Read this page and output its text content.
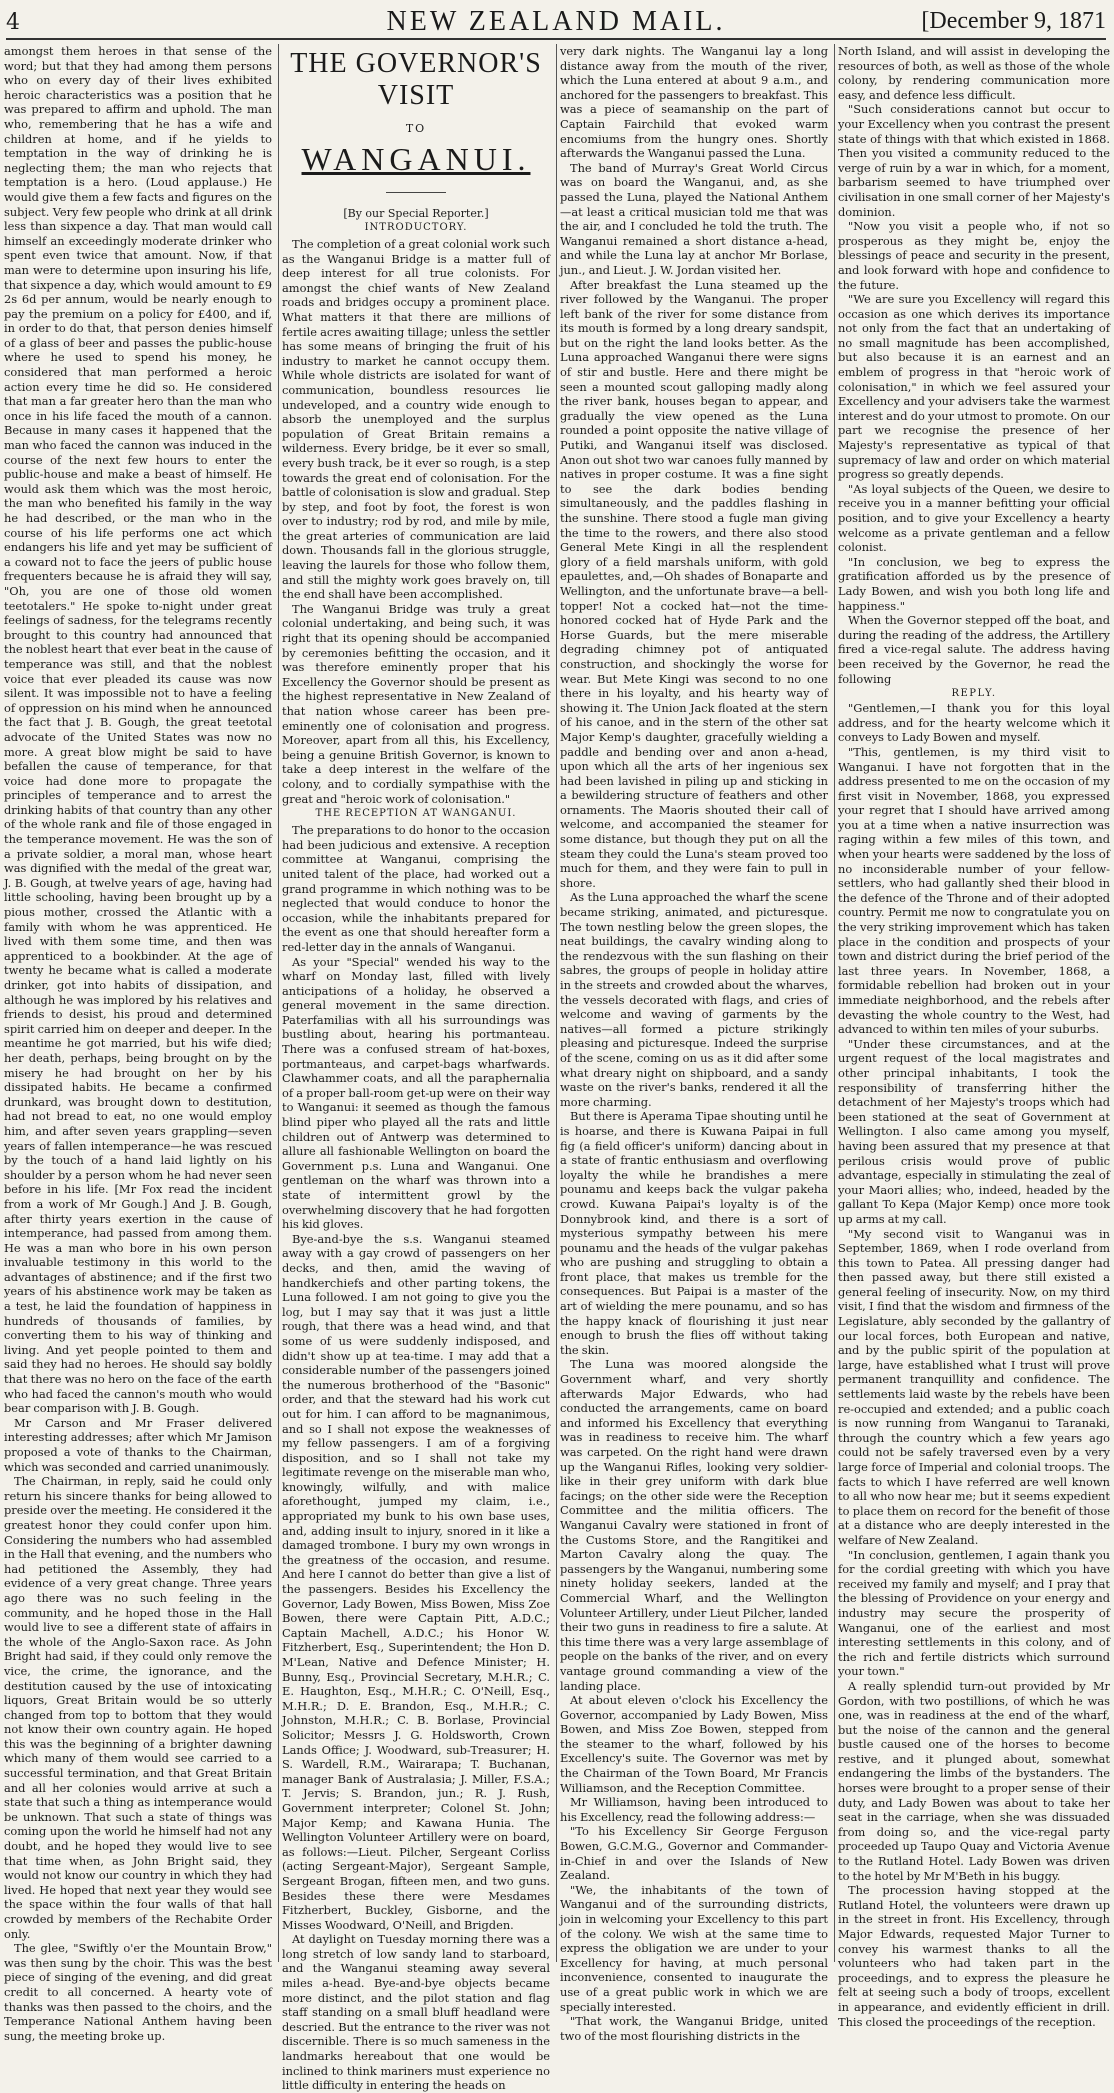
4	NEW ZEALAND MAIL.	[December 9, 1871

amongst them heroes in that sense of the word; but that they had among them persons who on every day of their lives exhibited heroic characteristics was a position that he was prepared to affirm and uphold. The man who, remembering that he has a wife and children at home, and if he yields to temptation in the way of drinking he is neglecting them; the man who rejects that temptation is a hero. (Loud applause.) He would give them a few facts and figures on the subject. Very few people who drink at all drink less than sixpence a day. That man would call himself an exceedingly moderate drinker who spent even twice that amount. Now, if that man were to determine upon insuring his life, that sixpence a day, which would amount to £9 2s 6d per annum, would be nearly enough to pay the premium on a policy for £400, and if, in order to do that, that person denies himself of a glass of beer and passes the public-house where he used to spend his money, he considered that man performed a heroic action every time he did so. He considered that man a far greater hero than the man who once in his life faced the mouth of a cannon. Because in many cases it happened that the man who faced the cannon was induced in the course of the next few hours to enter the public-house and make a beast of himself. He would ask them which was the most heroic, the man who benefited his family in the way he had described, or the man who in the course of his life performs one act which endangers his life and yet may be sufficient of a coward not to face the jeers of public house frequenters because he is afraid they will say, "Oh, you are one of those old women teetotalers." He spoke to-night under great feelings of sadness, for the telegrams recently brought to this country had announced that the noblest heart that ever beat in the cause of temperance was still, and that the noblest voice that ever pleaded its cause was now silent. It was impossible not to have a feeling of oppression on his mind when he announced the fact that J. B. Gough, the great teetotal advocate of the United States was now no more. A great blow might be said to have befallen the cause of temperance, for that voice had done more to propagate the principles of temperance and to arrest the drinking habits of that country than any other of the whole rank and file of those engaged in the temperance movement. He was the son of a private soldier, a moral man, whose heart was dignified with the medal of the great war, J. B. Gough, at twelve years of age, having had little schooling, having been brought up by a pious mother, crossed the Atlantic with a family with whom he was apprenticed. He lived with them some time, and then was apprenticed to a bookbinder. At the age of twenty he became what is called a moderate drinker, got into habits of dissipation, and although he was implored by his relatives and friends to desist, his proud and determined spirit carried him on deeper and deeper. In the meantime he got married, but his wife died; her death, perhaps, being brought on by the misery he had brought on her by his dissipated habits. He became a confirmed drunkard, was brought down to destitution, had not bread to eat, no one would employ him, and after seven years grappling—seven years of fallen intemperance—he was rescued by the touch of a hand laid lightly on his shoulder by a person whom he had never seen before in his life. [Mr Fox read the incident from a work of Mr Gough.] And J. B. Gough, after thirty years exertion in the cause of intemperance, had passed from among them. He was a man who bore in his own person invaluable testimony in this world to the advantages of abstinence; and if the first two years of his abstinence work may be taken as a test, he laid the foundation of happiness in hundreds of thousands of families, by converting them to his way of thinking and living. And yet people pointed to them and said they had no heroes. He should say boldly that there was no hero on the face of the earth who had faced the cannon's mouth who would bear comparison with J. B. Gough.

Mr Carson and Mr Fraser delivered interesting addresses; after which Mr Jamison proposed a vote of thanks to the Chairman, which was seconded and carried unanimously.

The Chairman, in reply, said he could only return his sincere thanks for being allowed to preside over the meeting. He considered it the greatest honor they could confer upon him. Considering the numbers who had assembled in the Hall that evening, and the numbers who had petitioned the Assembly, they had evidence of a very great change. Three years ago there was no such feeling in the community, and he hoped those in the Hall would live to see a different state of affairs in the whole of the Anglo-Saxon race. As John Bright had said, if they could only remove the vice, the crime, the ignorance, and the destitution caused by the use of intoxicating liquors, Great Britain would be so utterly changed from top to bottom that they would not know their own country again. He hoped this was the beginning of a brighter dawning which many of them would see carried to a successful termination, and that Great Britain and all her colonies would arrive at such a state that such a thing as intemperance would be unknown. That such a state of things was coming upon the world he himself had not any doubt, and he hoped they would live to see that time when, as John Bright said, they would not know our country in which they had lived. He hoped that next year they would see the space within the four walls of that hall crowded by members of the Rechabite Order only.

The glee, "Swiftly o'er the Mountain Brow," was then sung by the choir. This was the best piece of singing of the evening, and did great credit to all concerned. A hearty vote of thanks was then passed to the choirs, and the Temperance National Anthem having been sung, the meeting broke up.

THE GOVERNOR'S VISIT
TO
WANGANUI.
[By our Special Reporter.]
INTRODUCTORY.

The completion of a great colonial work such as the Wanganui Bridge is a matter full of deep interest for all true colonists. For amongst the chief wants of New Zealand roads and bridges occupy a prominent place. What matters it that there are millions of fertile acres awaiting tillage; unless the settler has some means of bringing the fruit of his industry to market he cannot occupy them. While whole districts are isolated for want of communication, boundless resources lie undeveloped, and a country wide enough to absorb the unemployed and the surplus population of Great Britain remains a wilderness. Every bridge, be it ever so small, every bush track, be it ever so rough, is a step towards the great end of colonisation. For the battle of colonisation is slow and gradual. Step by step, and foot by foot, the forest is won over to industry; rod by rod, and mile by mile, the great arteries of communication are laid down. Thousands fall in the glorious struggle, leaving the laurels for those who follow them, and still the mighty work goes bravely on, till the end shall have been accomplished.

The Wanganui Bridge was truly a great colonial undertaking, and being such, it was right that its opening should be accompanied by ceremonies befitting the occasion, and it was therefore eminently proper that his Excellency the Governor should be present as the highest representative in New Zealand of that nation whose career has been pre-eminently one of colonisation and progress. Moreover, apart from all this, his Excellency, being a genuine British Governor, is known to take a deep interest in the welfare of the colony, and to cordially sympathise with the great and "heroic work of colonisation."

THE RECEPTION AT WANGANUI.

The preparations to do honor to the occasion had been judicious and extensive. A reception committee at Wanganui, comprising the united talent of the place, had worked out a grand programme in which nothing was to be neglected that would conduce to honor the occasion, while the inhabitants prepared for the event as one that should hereafter form a red-letter day in the annals of Wanganui.

As your "Special" wended his way to the wharf on Monday last, filled with lively anticipations of a holiday, he observed a general movement in the same direction. Paterfamilias with all his surroundings was bustling about, hearing his portmanteau. There was a confused stream of hat-boxes, portmanteaus, and carpet-bags wharfwards. Clawhammer coats, and all the paraphernalia of a proper ball-room get-up were on their way to Wanganui: it seemed as though the famous blind piper who played all the rats and little children out of Antwerp was determined to allure all fashionable Wellington on board the Government p.s. Luna and Wanganui. One gentleman on the wharf was thrown into a state of intermittent growl by the overwhelming discovery that he had forgotten his kid gloves.

Bye-and-bye the s.s. Wanganui steamed away with a gay crowd of passengers on her decks, and then, amid the waving of handkerchiefs and other parting tokens, the Luna followed. I am not going to give you the log, but I may say that it was just a little rough, that there was a head wind, and that some of us were suddenly indisposed, and didn't show up at tea-time. I may add that a considerable number of the passengers joined the numerous brotherhood of the "Basonic" order, and that the steward had his work cut out for him. I can afford to be magnanimous, and so I shall not expose the weaknesses of my fellow passengers. I am of a forgiving disposition, and so I shall not take my legitimate revenge on the miserable man who, knowingly, wilfully, and with malice aforethought, jumped my claim, i.e., appropriated my bunk to his own base uses, and, adding insult to injury, snored in it like a damaged trombone. I bury my own wrongs in the greatness of the occasion, and resume. And here I cannot do better than give a list of the passengers. Besides his Excellency the Governor, Lady Bowen, Miss Bowen, Miss Zoe Bowen, there were Captain Pitt, A.D.C.; Captain Machell, A.D.C.; his Honor W. Fitzherbert, Esq., Superintendent; the Hon D. M'Lean, Native and Defence Minister; H. Bunny, Esq., Provincial Secretary, M.H.R.; C. E. Haughton, Esq., M.H.R.; C. O'Neill, Esq., M.H.R.; D. E. Brandon, Esq., M.H.R.; C. Johnston, M.H.R.; C. B. Borlase, Provincial Solicitor; Messrs J. G. Holdsworth, Crown Lands Office; J. Woodward, sub-Treasurer; H. S. Wardell, R.M., Wairarapa; T. Buchanan, manager Bank of Australasia; J. Miller, F.S.A.; T. Jervis; S. Brandon, jun.; R. J. Rush, Government interpreter; Colonel St. John; Major Kemp; and Kawana Hunia. The Wellington Volunteer Artillery were on board, as follows:—Lieut. Pilcher, Sergeant Corliss (acting Sergeant-Major), Sergeant Sample, Sergeant Brogan, fifteen men, and two guns. Besides these there were Mesdames Fitzherbert, Buckley, Gisborne, and the Misses Woodward, O'Neill, and Brigden.

At daylight on Tuesday morning there was a long stretch of low sandy land to starboard, and the Wanganui steaming away several miles a-head. Bye-and-bye objects became more distinct, and the pilot station and flag staff standing on a small bluff headland were descried. But the entrance to the river was not discernible. There is so much sameness in the landmarks hereabout that one would be inclined to think mariners must experience no little difficulty in entering the heads on

very dark nights. The Wanganui lay a long distance away from the mouth of the river, which the Luna entered at about 9 a.m., and anchored for the passengers to breakfast. This was a piece of seamanship on the part of Captain Fairchild that evoked warm encomiums from the hungry ones. Shortly afterwards the Wanganui passed the Luna.

The band of Murray's Great World Circus was on board the Wanganui, and, as she passed the Luna, played the National Anthem—at least a critical musician told me that was the air, and I concluded he told the truth. The Wanganui remained a short distance a-head, and while the Luna lay at anchor Mr Borlase, jun., and Lieut. J. W. Jordan visited her.

After breakfast the Luna steamed up the river followed by the Wanganui. The proper left bank of the river for some distance from its mouth is formed by a long dreary sandspit, but on the right the land looks better. As the Luna approached Wanganui there were signs of stir and bustle. Here and there might be seen a mounted scout galloping madly along the river bank, houses began to appear, and gradually the view opened as the Luna rounded a point opposite the native village of Putiki, and Wanganui itself was disclosed. Anon out shot two war canoes fully manned by natives in proper costume. It was a fine sight to see the dark bodies bending simultaneously, and the paddles flashing in the sunshine. There stood a fugle man giving the time to the rowers, and there also stood General Mete Kingi in all the resplendent glory of a field marshals uniform, with gold epaulettes, and,—Oh shades of Bonaparte and Wellington, and the unfortunate brave—a bell-topper! Not a cocked hat—not the time-honored cocked hat of Hyde Park and the Horse Guards, but the mere miserable degrading chimney pot of antiquated construction, and shockingly the worse for wear. But Mete Kingi was second to no one there in his loyalty, and his hearty way of showing it. The Union Jack floated at the stern of his canoe, and in the stern of the other sat Major Kemp's daughter, gracefully wielding a paddle and bending over and anon a-head, upon which all the arts of her ingenious sex had been lavished in piling up and sticking in a bewildering structure of feathers and other ornaments. The Maoris shouted their call of welcome, and accompanied the steamer for some distance, but though they put on all the steam they could the Luna's steam proved too much for them, and they were fain to pull in shore.

As the Luna approached the wharf the scene became striking, animated, and picturesque. The town nestling below the green slopes, the neat buildings, the cavalry winding along to the rendezvous with the sun flashing on their sabres, the groups of people in holiday attire in the streets and crowded about the wharves, the vessels decorated with flags, and cries of welcome and waving of garments by the natives—all formed a picture strikingly pleasing and picturesque. Indeed the surprise of the scene, coming on us as it did after some what dreary night on shipboard, and a sandy waste on the river's banks, rendered it all the more charming.

But there is Aperama Tipae shouting until he is hoarse, and there is Kuwana Paipai in full fig (a field officer's uniform) dancing about in a state of frantic enthusiasm and overflowing loyalty the while he brandishes a mere pounamu and keeps back the vulgar pakeha crowd. Kuwana Paipai's loyalty is of the Donnybrook kind, and there is a sort of mysterious sympathy between his mere pounamu and the heads of the vulgar pakehas who are pushing and struggling to obtain a front place, that makes us tremble for the consequences. But Paipai is a master of the art of wielding the mere pounamu, and so has the happy knack of flourishing it just near enough to brush the flies off without taking the skin.

The Luna was moored alongside the Government wharf, and very shortly afterwards Major Edwards, who had conducted the arrangements, came on board and informed his Excellency that everything was in readiness to receive him. The wharf was carpeted. On the right hand were drawn up the Wanganui Rifles, looking very soldier-like in their grey uniform with dark blue facings; on the other side were the Reception Committee and the militia officers. The Wanganui Cavalry were stationed in front of the Customs Store, and the Rangitikei and Marton Cavalry along the quay. The passengers by the Wanganui, numbering some ninety holiday seekers, landed at the Commercial Wharf, and the Wellington Volunteer Artillery, under Lieut Pilcher, landed their two guns in readiness to fire a salute. At this time there was a very large assemblage of people on the banks of the river, and on every vantage ground commanding a view of the landing place.

At about eleven o'clock his Excellency the Governor, accompanied by Lady Bowen, Miss Bowen, and Miss Zoe Bowen, stepped from the steamer to the wharf, followed by his Excellency's suite. The Governor was met by the Chairman of the Town Board, Mr Francis Williamson, and the Reception Committee.

Mr Williamson, having been introduced to his Excellency, read the following address:—

"To his Excellency Sir George Ferguson Bowen, G.C.M.G., Governor and Commander-in-Chief in and over the Islands of New Zealand.

"We, the inhabitants of the town of Wanganui and of the surrounding districts, join in welcoming your Excellency to this part of the colony. We wish at the same time to express the obligation we are under to your Excellency for having, at much personal inconvenience, consented to inaugurate the use of a great public work in which we are specially interested.

"That work, the Wanganui Bridge, united two of the most flourishing districts in the

North Island, and will assist in developing the resources of both, as well as those of the whole colony, by rendering communication more easy, and defence less difficult.

"Such considerations cannot but occur to your Excellency when you contrast the present state of things with that which existed in 1868. Then you visited a community reduced to the verge of ruin by a war in which, for a moment, barbarism seemed to have triumphed over civilisation in one small corner of her Majesty's dominion.

"Now you visit a people who, if not so prosperous as they might be, enjoy the blessings of peace and security in the present, and look forward with hope and confidence to the future.

"We are sure you Excellency will regard this occasion as one which derives its importance not only from the fact that an undertaking of no small magnitude has been accomplished, but also because it is an earnest and an emblem of progress in that "heroic work of colonisation," in which we feel assured your Excellency and your advisers take the warmest interest and do your utmost to promote. On our part we recognise the presence of her Majesty's representative as typical of that supremacy of law and order on which material progress so greatly depends.

"As loyal subjects of the Queen, we desire to receive you in a manner befitting your official position, and to give your Excellency a hearty welcome as a private gentleman and a fellow colonist.

"In conclusion, we beg to express the gratification afforded us by the presence of Lady Bowen, and wish you both long life and happiness."

When the Governor stepped off the boat, and during the reading of the address, the Artillery fired a vice-regal salute. The address having been received by the Governor, he read the following

REPLY.

"Gentlemen,—I thank you for this loyal address, and for the hearty welcome which it conveys to Lady Bowen and myself.

"This, gentlemen, is my third visit to Wanganui. I have not forgotten that in the address presented to me on the occasion of my first visit in November, 1868, you expressed your regret that I should have arrived among you at a time when a native insurrection was raging within a few miles of this town, and when your hearts were saddened by the loss of no inconsiderable number of your fellow-settlers, who had gallantly shed their blood in the defence of the Throne and of their adopted country. Permit me now to congratulate you on the very striking improvement which has taken place in the condition and prospects of your town and district during the brief period of the last three years. In November, 1868, a formidable rebellion had broken out in your immediate neighborhood, and the rebels after devasting the whole country to the West, had advanced to within ten miles of your suburbs.

"Under these circumstances, and at the urgent request of the local magistrates and other principal inhabitants, I took the responsibility of transferring hither the detachment of her Majesty's troops which had been stationed at the seat of Government at Wellington. I also came among you myself, having been assured that my presence at that perilous crisis would prove of public advantage, especially in stimulating the zeal of your Maori allies; who, indeed, headed by the gallant To Kepa (Major Kemp) once more took up arms at my call.

"My second visit to Wanganui was in September, 1869, when I rode overland from this town to Patea. All pressing danger had then passed away, but there still existed a general feeling of insecurity. Now, on my third visit, I find that the wisdom and firmness of the Legislature, ably seconded by the gallantry of our local forces, both European and native, and by the public spirit of the population at large, have established what I trust will prove permanent tranquillity and confidence. The settlements laid waste by the rebels have been re-occupied and extended; and a public coach is now running from Wanganui to Taranaki, through the country which a few years ago could not be safely traversed even by a very large force of Imperial and colonial troops. The facts to which I have referred are well known to all who now hear me; but it seems expedient to place them on record for the benefit of those at a distance who are deeply interested in the welfare of New Zealand.

"In conclusion, gentlemen, I again thank you for the cordial greeting with which you have received my family and myself; and I pray that the blessing of Providence on your energy and industry may secure the prosperity of Wanganui, one of the earliest and most interesting settlements in this colony, and of the rich and fertile districts which surround your town."

A really splendid turn-out provided by Mr Gordon, with two postillions, of which he was one, was in readiness at the end of the wharf, but the noise of the cannon and the general bustle caused one of the horses to become restive, and it plunged about, somewhat endangering the limbs of the bystanders. The horses were brought to a proper sense of their duty, and Lady Bowen was about to take her seat in the carriage, when she was dissuaded from doing so, and the vice-regal party proceeded up Taupo Quay and Victoria Avenue to the Rutland Hotel. Lady Bowen was driven to the hotel by Mr M'Beth in his buggy.

The procession having stopped at the Rutland Hotel, the volunteers were drawn up in the street in front. His Excellency, through Major Edwards, requested Major Turner to convey his warmest thanks to all the volunteers who had taken part in the proceedings, and to express the pleasure he felt at seeing such a body of troops, excellent in appearance, and evidently efficient in drill. This closed the proceedings of the reception.
